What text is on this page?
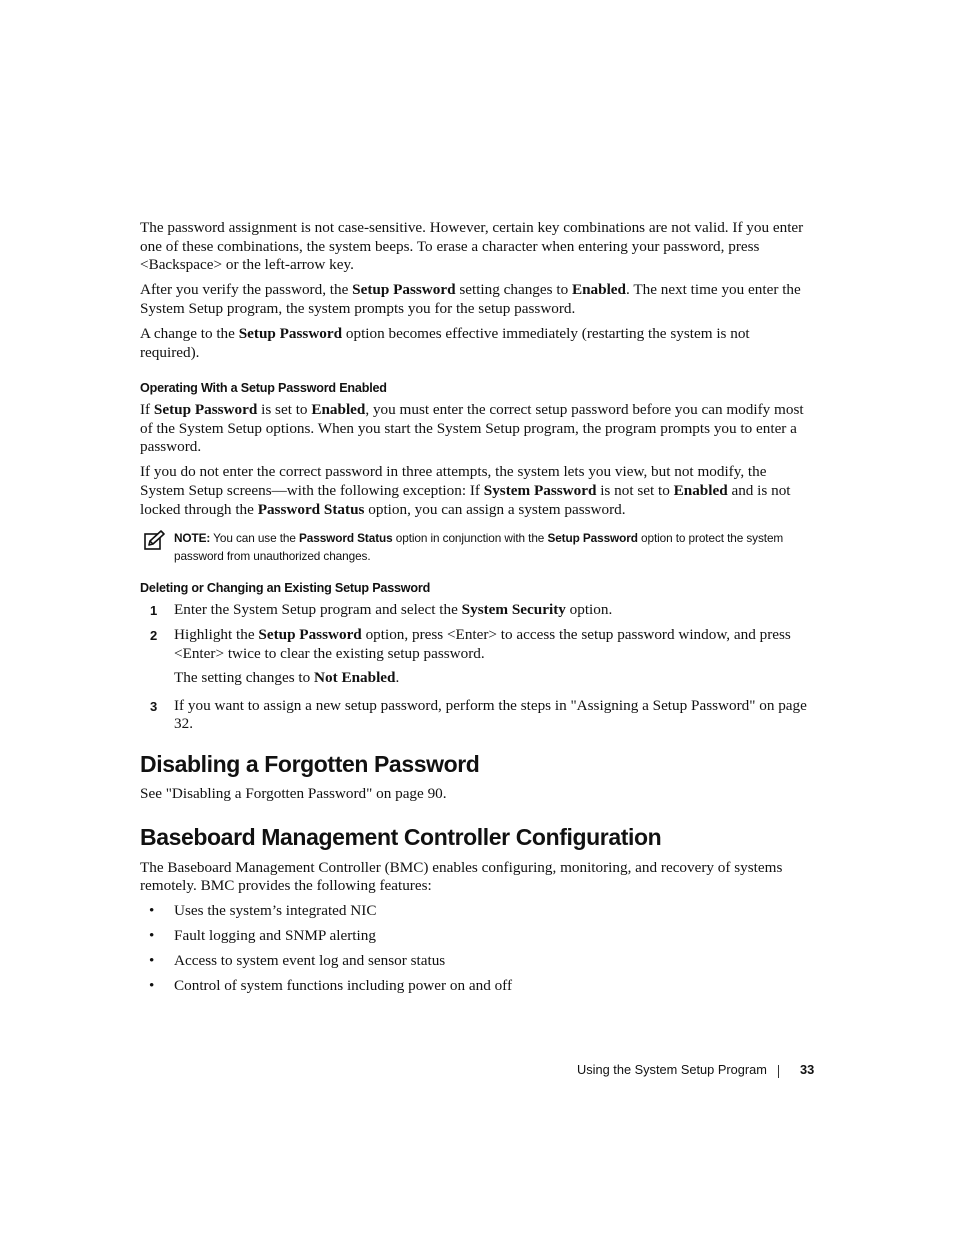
The password assignment is not case-sensitive. However, certain key combinations are not valid. If you enter one of these combinations, the system beeps. To erase a character when entering your password, press <Backspace> or the left-arrow key.

After you verify the password, the Setup Password setting changes to Enabled. The next time you enter the System Setup program, the system prompts you for the setup password.

A change to the Setup Password option becomes effective immediately (restarting the system is not required).

Operating With a Setup Password Enabled

If Setup Password is set to Enabled, you must enter the correct setup password before you can modify most of the System Setup options. When you start the System Setup program, the program prompts you to enter a password.

If you do not enter the correct password in three attempts, the system lets you view, but not modify, the System Setup screens—with the following exception: If System Password is not set to Enabled and is not locked through the Password Status option, you can assign a system password.

NOTE: You can use the Password Status option in conjunction with the Setup Password option to protect the system password from unauthorized changes.
Deleting or Changing an Existing Setup Password
1 Enter the System Setup program and select the System Security option.
2 Highlight the Setup Password option, press <Enter> to access the setup password window, and press <Enter> twice to clear the existing setup password.
The setting changes to Not Enabled.
3 If you want to assign a new setup password, perform the steps in "Assigning a Setup Password" on page 32.
Disabling a Forgotten Password

See "Disabling a Forgotten Password" on page 90.

Baseboard Management Controller Configuration

The Baseboard Management Controller (BMC) enables configuring, monitoring, and recovery of systems remotely. BMC provides the following features:

• Uses the system’s integrated NIC
• Fault logging and SNMP alerting
• Access to system event log and sensor status
• Control of system functions including power on and off
Using the System Setup Program	33
